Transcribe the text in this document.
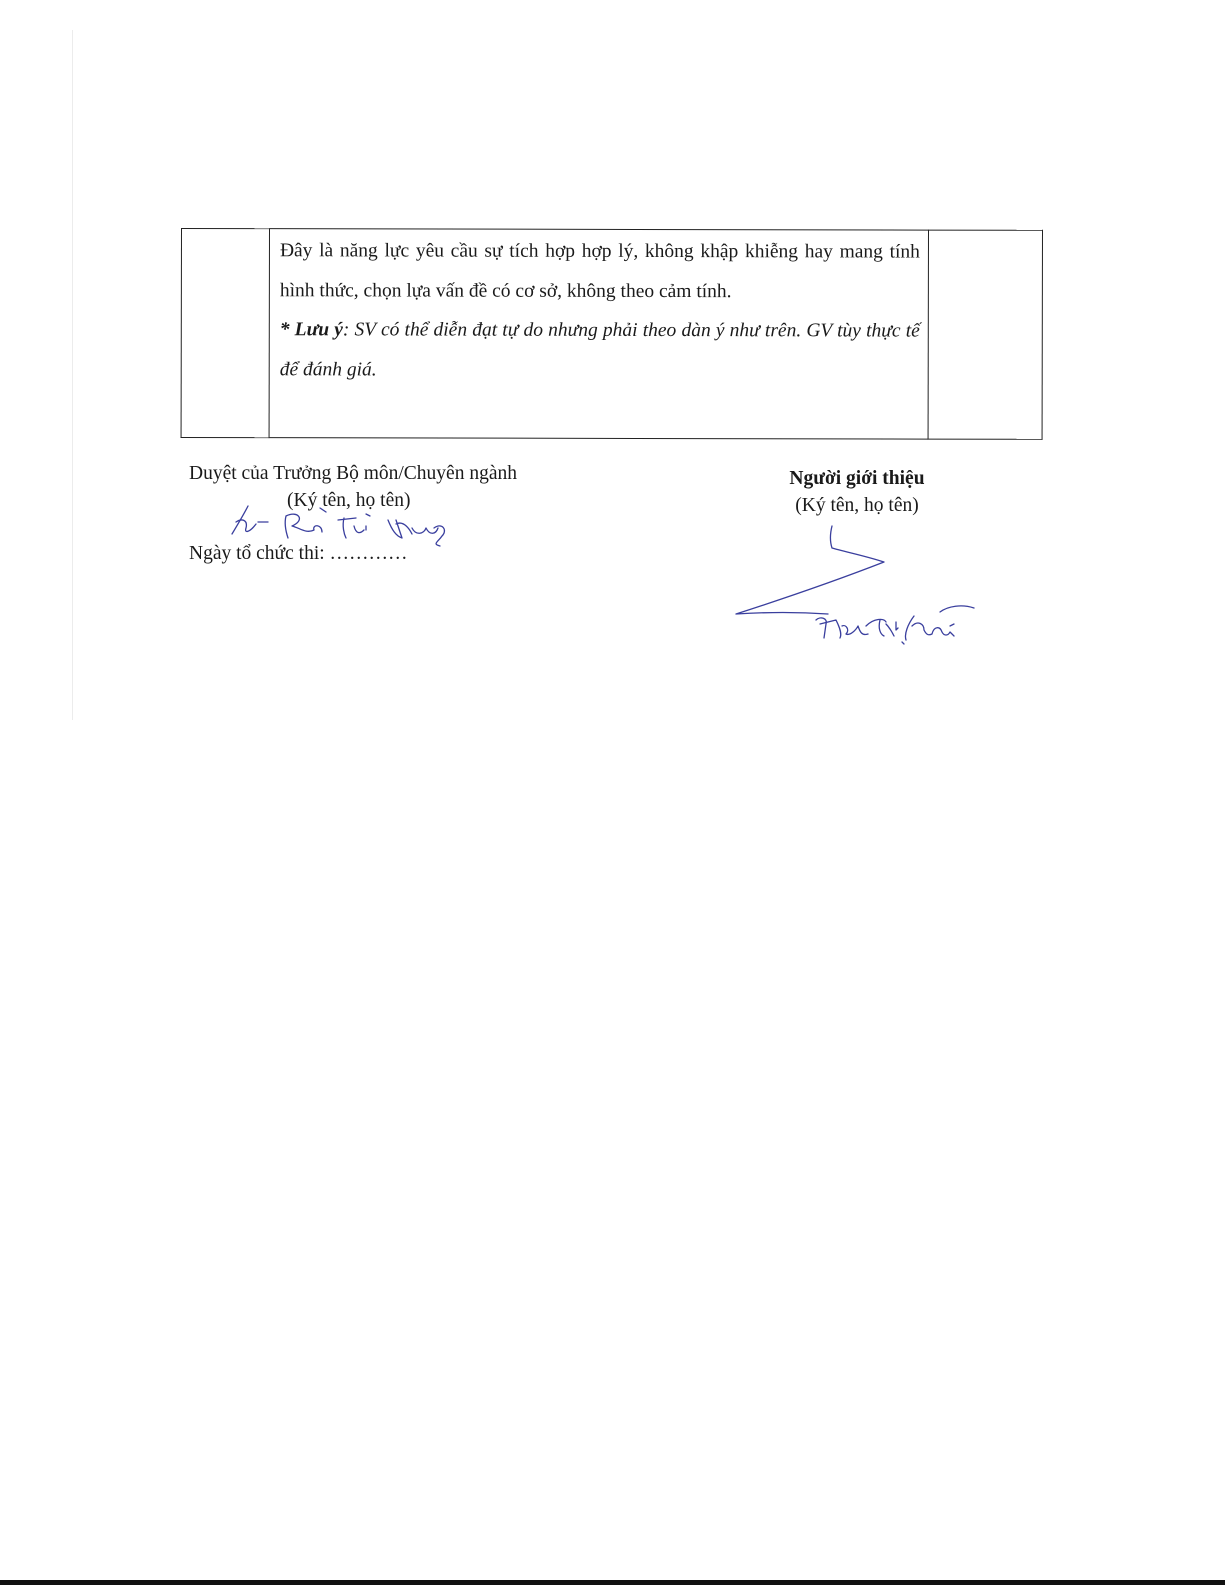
Đây là năng lực yêu cầu sự tích hợp hợp lý, không khập khiễng hay mang tính hình thức, chọn lựa vấn đề có cơ sở, không theo cảm tính.

* Lưu ý: SV có thể diễn đạt tự do nhưng phải theo dàn ý như trên. GV tùy thực tế để đánh giá.

Duyệt của Trưởng Bộ môn/Chuyên ngành
(Ký tên, họ tên)
Ngày tổ chức thi: …………
Người giới thiệu
(Ký tên, họ tên)
